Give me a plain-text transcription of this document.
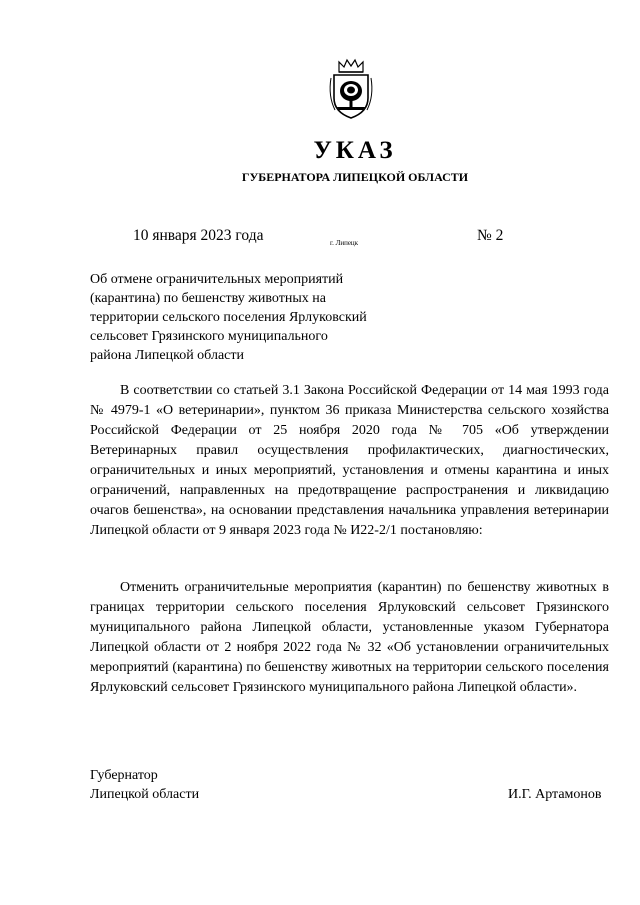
УКАЗ
ГУБЕРНАТОРА ЛИПЕЦКОЙ ОБЛАСТИ
10 января 2023 года	г. Липецк	№ 2
Об отмене ограничительных мероприятий
(карантина) по бешенству животных на
территории сельского поселения Ярлуковский
сельсовет Грязинского муниципального
района Липецкой области

В соответствии со статьей 3.1 Закона Российской Федерации от 14 мая 1993 года № 4979-1 «О ветеринарии», пунктом 36 приказа Министерства сельского хозяйства Российской Федерации от 25 ноября 2020 года № 705 «Об утверждении Ветеринарных правил осуществления профилактических, диагностических, ограничительных и иных мероприятий, установления и отмены карантина и иных ограничений, направленных на предотвращение распространения и ликвидацию очагов бешенства», на основании представления начальника управления ветеринарии Липецкой области от 9 января 2023 года № И22-2/1 постановляю:

Отменить ограничительные мероприятия (карантин) по бешенству животных в границах территории сельского поселения Ярлуковский сельсовет Грязинского муниципального района Липецкой области, установленные указом Губернатора Липецкой области от 2 ноября 2022 года № 32 «Об установлении ограничительных мероприятий (карантина) по бешенству животных на территории сельского поселения Ярлуковский сельсовет Грязинского муниципального района Липецкой области».

Губернатор
Липецкой области	И.Г. Артамонов
